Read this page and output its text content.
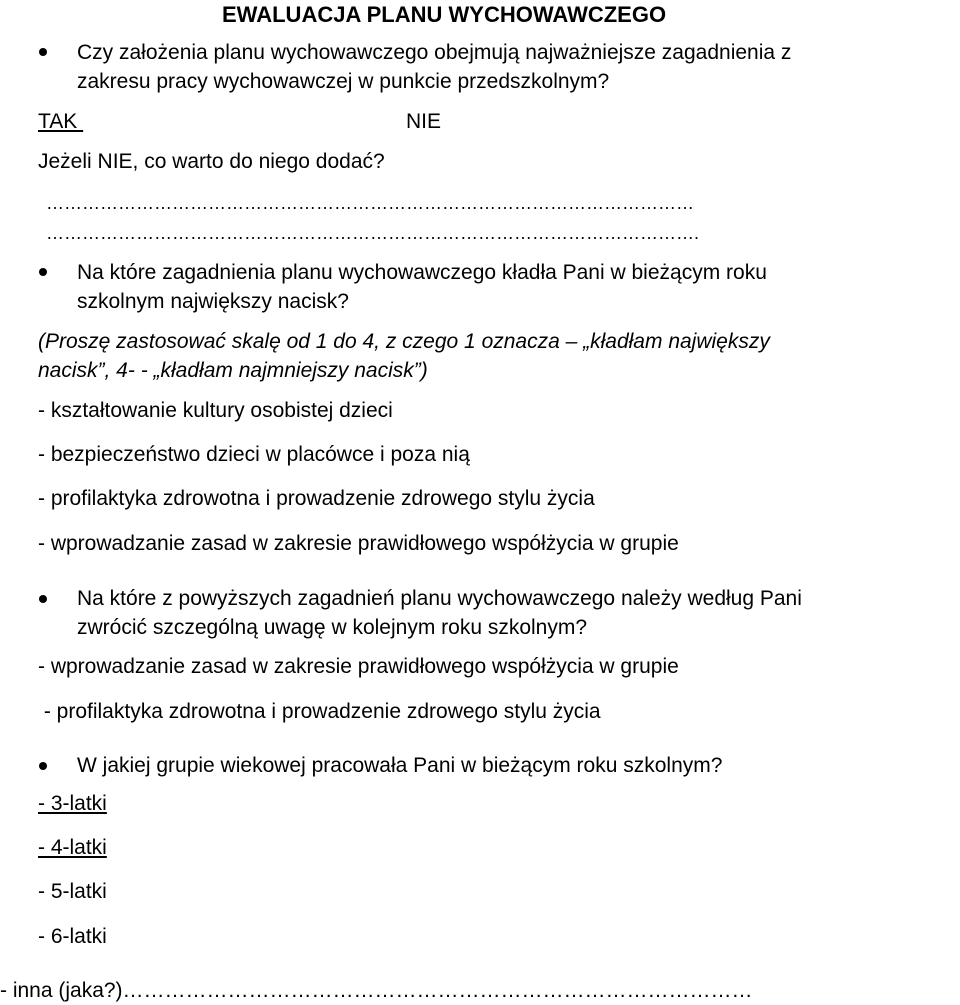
EWALUACJA PLANU WYCHOWAWCZEGO
Czy założenia planu wychowawczego obejmują najważniejsze zagadnienia z
zakresu pracy wychowawczej w punkcie przedszkolnym?
TAK	NIE
Jeżeli NIE, co warto do niego dodać?
………………………………………………………………………………………………
……………………………………………………………………………………………….
Na które zagadnienia planu wychowawczego kładła Pani w bieżącym roku
szkolnym największy nacisk?
(Proszę zastosować skalę od 1 do 4, z czego 1 oznacza – „kładłam największy
nacisk”, 4- - „kładłam najmniejszy nacisk”)
- kształtowanie kultury osobistej dzieci
- bezpieczeństwo dzieci w placówce i poza nią
- profilaktyka zdrowotna i prowadzenie zdrowego stylu życia
- wprowadzanie zasad w zakresie prawidłowego współżycia w grupie
Na które z powyższych zagadnień planu wychowawczego należy według Pani
zwrócić szczególną uwagę w kolejnym roku szkolnym?
- wprowadzanie zasad w zakresie prawidłowego współżycia w grupie
- profilaktyka zdrowotna i prowadzenie zdrowego stylu życia
W jakiej grupie wiekowej pracowała Pani w bieżącym roku szkolnym?
- 3-latki
- 4-latki
- 5-latki
- 6-latki
- inna (jaka?)………………………………………………………………………………
